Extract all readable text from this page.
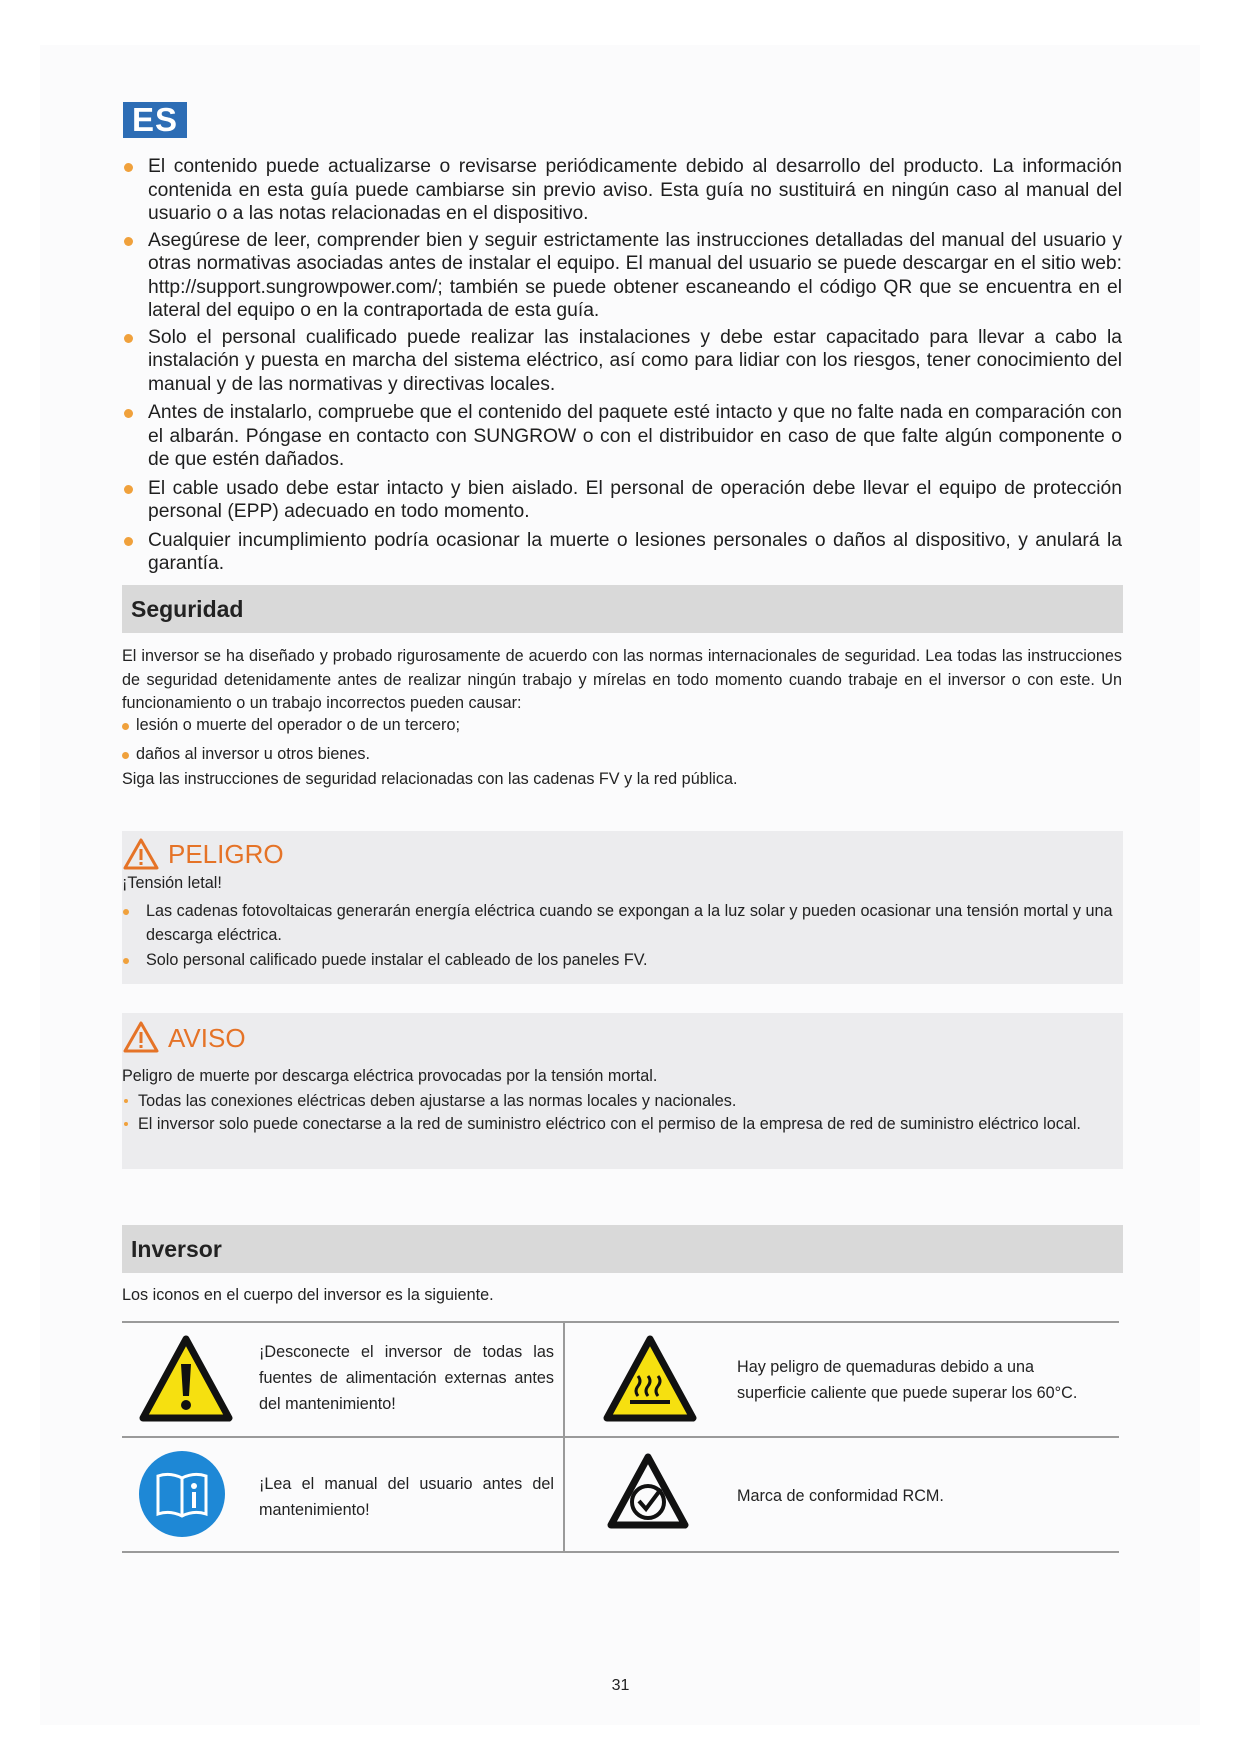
ES
El contenido puede actualizarse o revisarse periódicamente debido al desarrollo del producto. La información contenida en esta guía puede cambiarse sin previo aviso. Esta guía no sustituirá en ningún caso al manual del usuario o a las notas relacionadas en el dispositivo.
Asegúrese de leer, comprender bien y seguir estrictamente las instrucciones detalladas del manual del usuario y otras normativas asociadas antes de instalar el equipo. El manual del usuario se puede descargar en el sitio web: http://support.sungrowpower.com/; también se puede obtener escaneando el código QR que se encuentra en el lateral del equipo o en la contraportada de esta guía.
Solo el personal cualificado puede realizar las instalaciones y debe estar capacitado para llevar a cabo la instalación y puesta en marcha del sistema eléctrico, así como para lidiar con los riesgos, tener conocimiento del manual y de las normativas y directivas locales.
Antes de instalarlo, compruebe que el contenido del paquete esté intacto y que no falte nada en comparación con el albarán. Póngase en contacto con SUNGROW o con el distribuidor en caso de que falte algún componente o de que estén dañados.
El cable usado debe estar intacto y bien aislado. El personal de operación debe llevar el equipo de protección personal (EPP) adecuado en todo momento.
Cualquier incumplimiento podría ocasionar la muerte o lesiones personales o daños al dispositivo, y anulará la garantía.
Seguridad
El inversor se ha diseñado y probado rigurosamente de acuerdo con las normas internacionales de seguridad. Lea todas las instrucciones de seguridad detenidamente antes de realizar ningún trabajo y mírelas en todo momento cuando trabaje en el inversor o con este. Un funcionamiento o un trabajo incorrectos pueden causar:
lesión o muerte del operador o de un tercero;
daños al inversor u otros bienes.
Siga las instrucciones de seguridad relacionadas con las cadenas FV y la red pública.
PELIGRO
¡Tensión letal!
Las cadenas fotovoltaicas generarán energía eléctrica cuando se expongan a la luz solar y pueden ocasionar una tensión mortal y una descarga eléctrica.
Solo personal calificado puede instalar el cableado de los paneles FV.
AVISO
Peligro de muerte por descarga eléctrica provocadas por la tensión mortal.
Todas las conexiones eléctricas deben ajustarse a las normas locales y nacionales.
El inversor solo puede conectarse a la red de suministro eléctrico con el permiso de la empresa de red de suministro eléctrico local.
Inversor
Los iconos en el cuerpo del inversor es la siguiente.
¡Desconecte el inversor de todas las fuentes de alimentación externas antes del mantenimiento!
Hay peligro de quemaduras debido a una superficie caliente que puede superar los 60°C.
¡Lea el manual del usuario antes del mantenimiento!
Marca de conformidad RCM.
31
